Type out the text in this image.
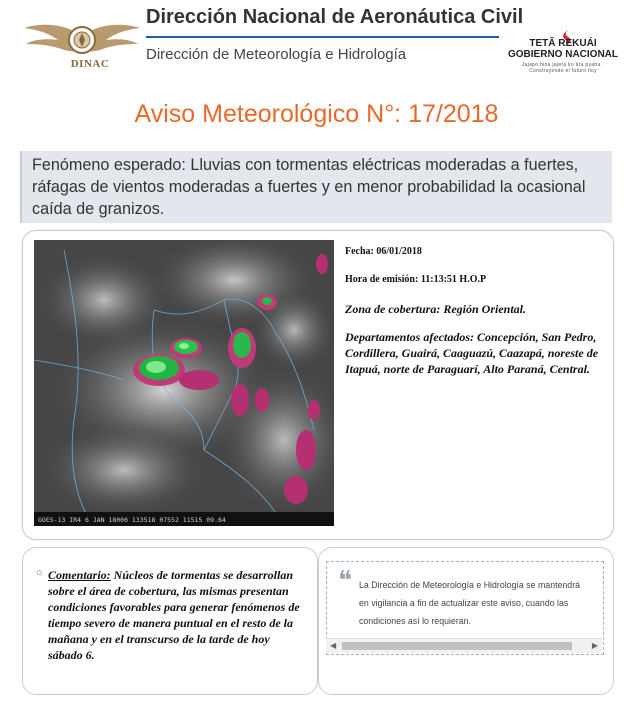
DINAC
Dirección Nacional de Aeronáutica Civil
Dirección de Meteorología e Hidrología
TETÃ REKUÁI
GOBIERNO NACIONAL
Jajapo hina jajerá ko âra pyahu · Construyendo el futuro hoy
Aviso Meteorológico N°: 17/2018
Fenómeno esperado: Lluvias con tormentas eléctricas moderadas a fuertes, ráfagas de vientos moderadas a fuertes y en menor probabilidad la ocasional caída de granizos.
GOES-13 IR4 6 JAN 18006 133518 07552 11515 09.64

Fecha: 06/01/2018

Hora de emisión: 11:13:51 H.O.P

Zona de cobertura: Región Oriental.

Departamentos afectados: Concepción, San Pedro, Cordillera, Guairá, Caaguazú, Caazapá, noreste de Itapuá, norte de Paraguarí, Alto Paraná, Central.

○ Comentario: Núcleos de tormentas se desarrollan sobre el área de cobertura, las mismas presentan condiciones favorables para generar fenómenos de tiempo severo de manera puntual en el resto de la mañana y en el transcurso de la tarde de hoy sábado 6.
❝ La Dirección de Meteorología e Hidrología se mantendrá en vigilancia a fin de actualizar este aviso, cuando las condiciones así lo requieran.
◀	▶
